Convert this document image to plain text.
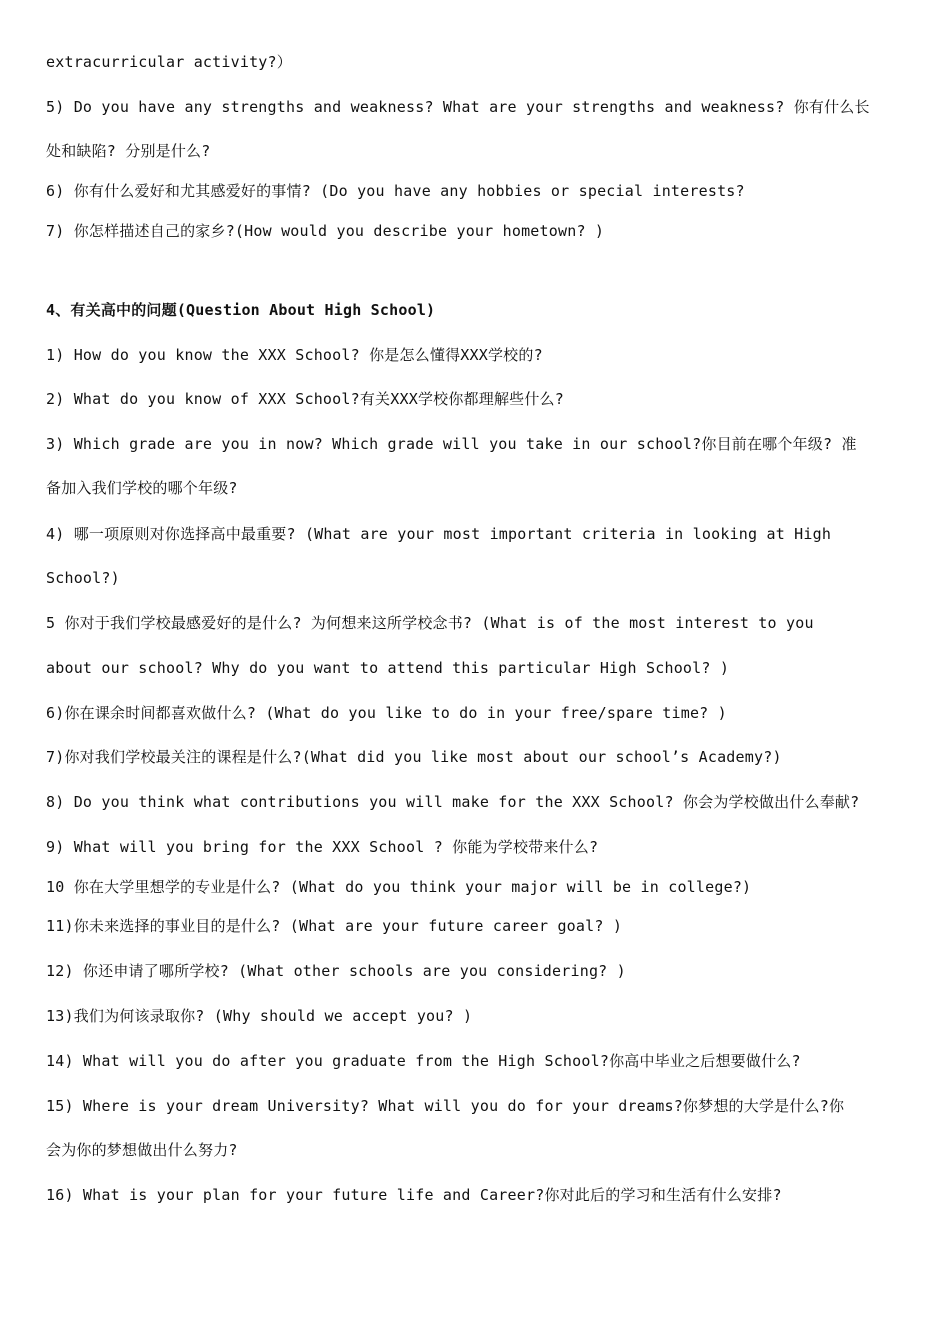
extracurricular activity?）
5) Do you have any strengths and weakness? What are your strengths and weakness? 你有什么长
处和缺陷? 分别是什么?
6) 你有什么爱好和尤其感爱好的事情? (Do you have any hobbies or special interests?
7) 你怎样描述自己的家乡?(How would you describe your hometown? )
4、有关高中的问题(Question About High School)
1) How do you know the XXX School? 你是怎么懂得XXX学校的?
2) What do you know of XXX School?有关XXX学校你都理解些什么?
3) Which grade are you in now? Which grade will you take in our school?你目前在哪个年级? 准
备加入我们学校的哪个年级?
4) 哪一项原则对你选择高中最重要? (What are your most important criteria in looking at High
School?)
5 你对于我们学校最感爱好的是什么? 为何想来这所学校念书? (What is of the most interest to you
about our school? Why do you want to attend this particular High School? )
6)你在课余时间都喜欢做什么? (What do you like to do in your free/spare time? )
7)你对我们学校最关注的课程是什么?(What did you like most about our school’s Academy?)
8) Do you think what contributions you will make for the XXX School? 你会为学校做出什么奉献?
9) What will you bring for the XXX School ? 你能为学校带来什么?
10 你在大学里想学的专业是什么? (What do you think your major will be in college?)
11)你未来选择的事业目的是什么? (What are your future career goal? )
12) 你还申请了哪所学校? (What other schools are you considering? )
13)我们为何该录取你? (Why should we accept you? )
14) What will you do after you graduate from the High School?你高中毕业之后想要做什么?
15) Where is your dream University? What will you do for your dreams?你梦想的大学是什么?你
会为你的梦想做出什么努力?
16) What is your plan for your future life and Career?你对此后的学习和生活有什么安排?
